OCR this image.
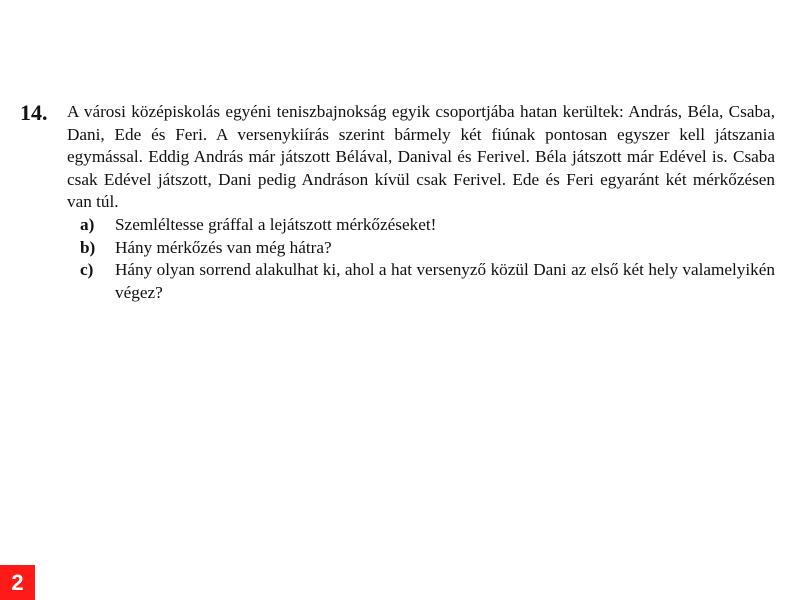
14. A városi középiskolás egyéni teniszbajnokság egyik csoportjába hatan kerültek: András, Béla, Csaba, Dani, Ede és Feri. A versenykiírás szerint bármely két fiúnak pontosan egyszer kell játszania egymással. Eddig András már játszott Bélával, Danival és Ferivel. Béla játszott már Edével is. Csaba csak Edével játszott, Dani pedig Andráson kívül csak Ferivel. Ede és Feri egyaránt két mérkőzésen van túl.
a)	Szemléltesse gráffal a lejátszott mérkőzéseket!
b)	Hány mérkőzés van még hátra?
c)	Hány olyan sorrend alakulhat ki, ahol a hat versenyző közül Dani az első két hely valamelyikén végez?
2
